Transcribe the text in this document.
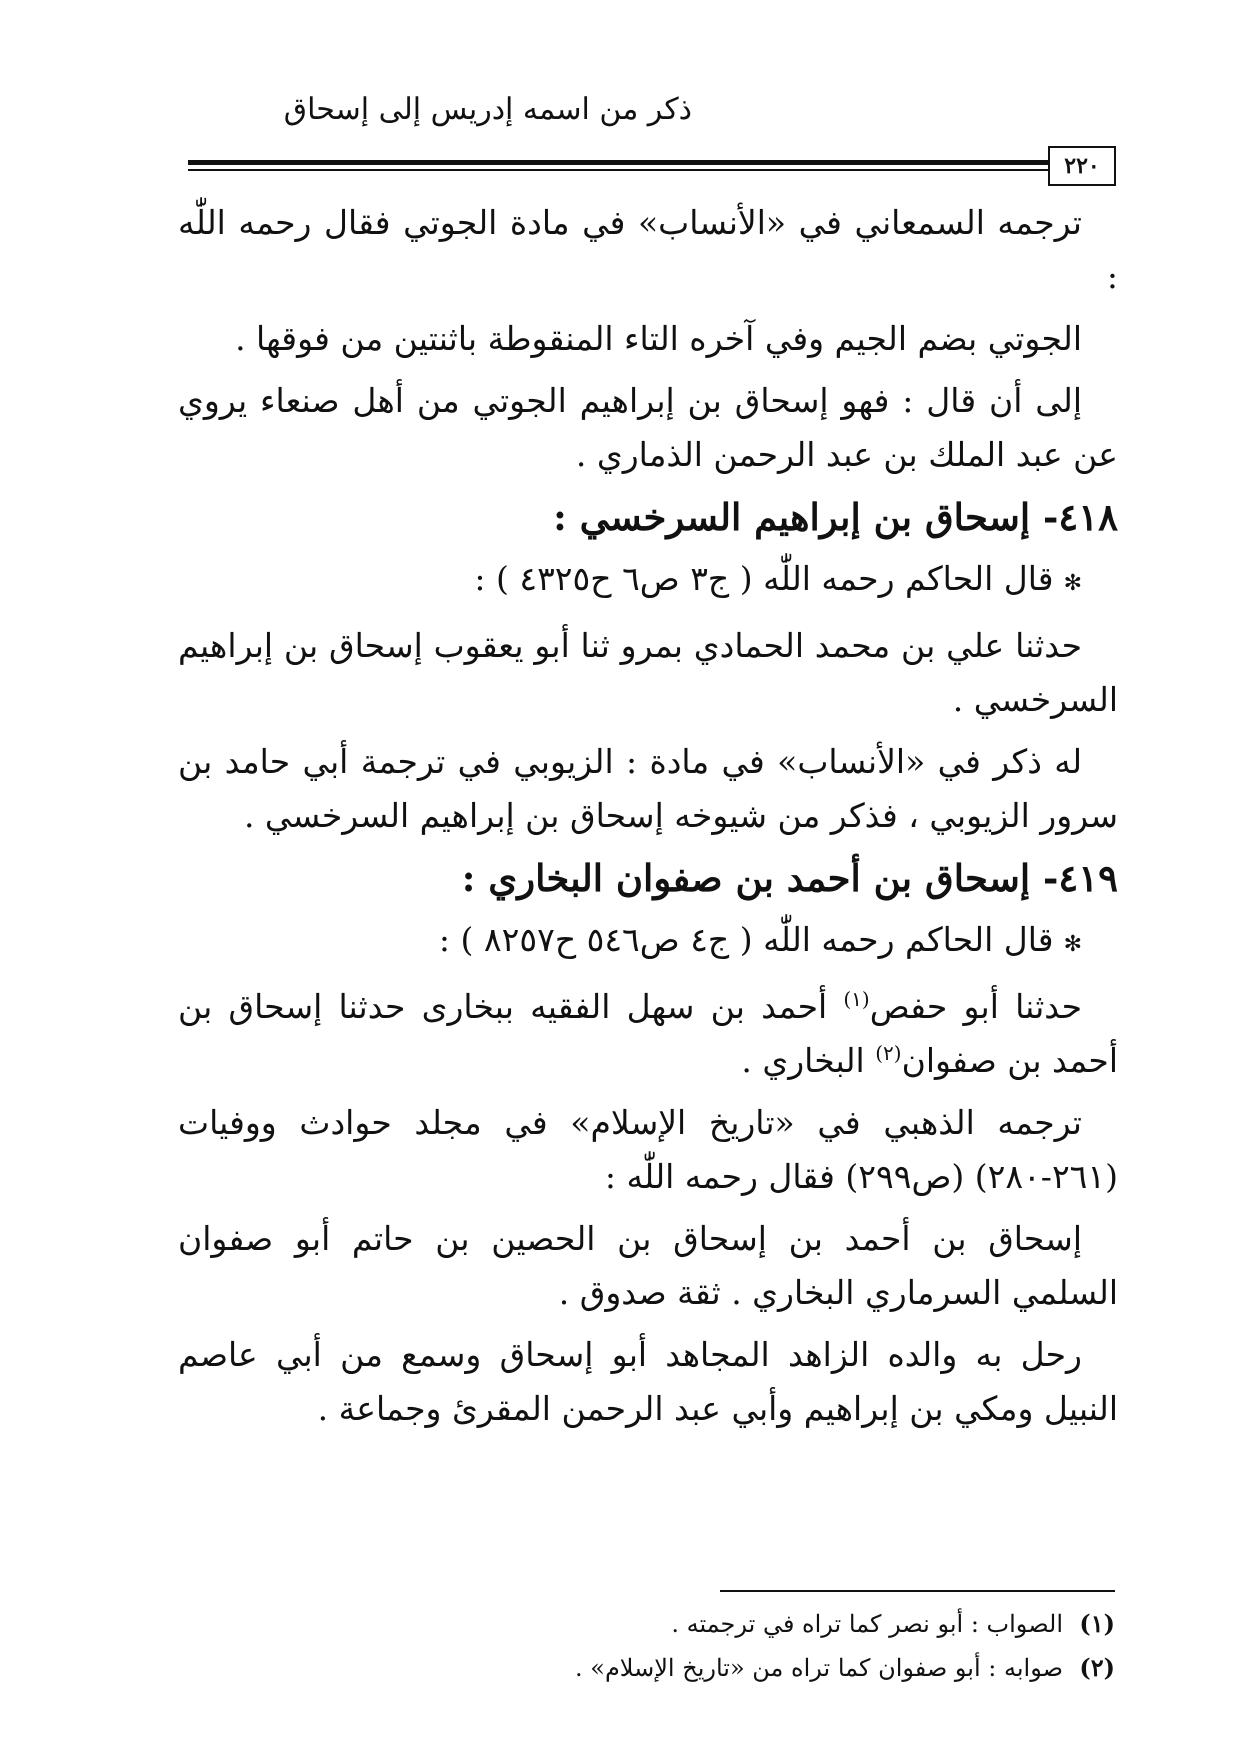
ذكر من اسمه إدريس إلى إسحاق
٢٢٠

ترجمه السمعاني في «الأنساب» في مادة الجوتي فقال رحمه اللّٰه :

الجوتي بضم الجيم وفي آخره التاء المنقوطة باثنتين من فوقها .

إلى أن قال : فهو إسحاق بن إبراهيم الجوتي من أهل صنعاء يروي عن عبد الملك بن عبد الرحمن الذماري .

٤١٨- إسحاق بن إبراهيم السرخسي :

✻قال الحاكم رحمه اللّٰه ( ج٣ ص٦ ح٤٣٢٥ ) :

حدثنا علي بن محمد الحمادي بمرو ثنا أبو يعقوب إسحاق بن إبراهيم السرخسي .

له ذكر في «الأنساب» في مادة : الزيوبي في ترجمة أبي حامد بن سرور الزيوبي ، فذكر من شيوخه إسحاق بن إبراهيم السرخسي .

٤١٩- إسحاق بن أحمد بن صفوان البخاري :

✻قال الحاكم رحمه اللّٰه ( ج٤ ص٥٤٦ ح٨٢٥٧ ) :

حدثنا أبو حفص$^{(١)}$ أحمد بن سهل الفقيه ببخارى حدثنا إسحاق بن أحمد بن صفوان$^{(٢)}$ البخاري .

ترجمه الذهبي في «تاريخ الإسلام» في مجلد حوادث ووفيات (٢٦١-٢٨٠) (ص٢٩٩) فقال رحمه اللّٰه :

إسحاق بن أحمد بن إسحاق بن الحصين بن حاتم أبو صفوان السلمي السرماري البخاري . ثقة صدوق .

رحل به والده الزاهد المجاهد أبو إسحاق وسمع من أبي عاصم النبيل ومكي بن إبراهيم وأبي عبد الرحمن المقرئ وجماعة .

(١)الصواب : أبو نصر كما تراه في ترجمته .
(٢)صوابه : أبو صفوان كما تراه من «تاريخ الإسلام» .
